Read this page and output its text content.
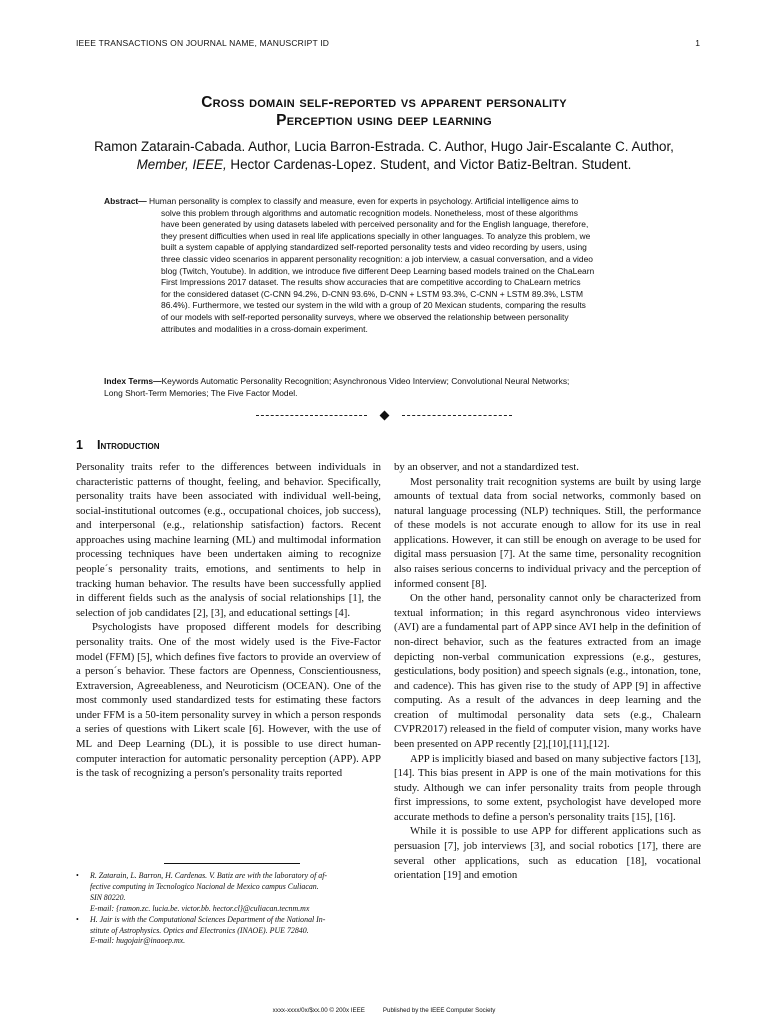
IEEE TRANSACTIONS ON JOURNAL NAME, MANUSCRIPT ID	1
Cross domain self-reported vs apparent personality
Perception using deep learning
Ramon Zatarain-Cabada. Author, Lucia Barron-Estrada. C. Author, Hugo Jair-Escalante C. Author,
Member, IEEE, Hector Cardenas-Lopez. Student, and Victor Batiz-Beltran. Student.
Abstract— Human personality is complex to classify and measure, even for experts in psychology. Artificial intelligence aims to
solve this problem through algorithms and automatic recognition models. Nonetheless, most of these algorithms
have been generated by using datasets labeled with perceived personality and for the English language, therefore,
they present difficulties when used in real life applications specially in other languages. To analyze this problem, we
built a system capable of applying standardized self-reported personality tests and video recording by users, using
three classic video scenarios in apparent personality recognition: a job interview, a casual conversation, and a video
blog (Twitch, Youtube). In addition, we introduce five different Deep Learning based models trained on the ChaLearn
First Impressions 2017 dataset. The results show accuracies that are competitive according to ChaLearn metrics
for the considered dataset (C-CNN 94.2%, D-CNN 93.6%, D-CNN + LSTM 93.3%, C-CNN + LSTM 89.3%, LSTM
86.4%). Furthermore, we tested our system in the wild with a group of 20 Mexican students, comparing the results
of our models with self-reported personality surveys, where we observed the relationship between personality
attributes and modalities in a cross-domain experiment.
Index Terms—Keywords Automatic Personality Recognition; Asynchronous Video Interview; Convolutional Neural Networks;
Long Short-Term Memories; The Five Factor Model.
1 Introduction

Personality traits refer to the differences between individuals in characteristic patterns of thought, feeling, and behavior. Specifically, personality traits have been associated with individual well-being, social-institutional outcomes (e.g., occupational choices, job success), and interpersonal (e.g., relationship satisfaction) factors. Recent approaches using machine learning (ML) and multimodal information processing techniques have been undertaken aiming to recognize people´s personality traits, emotions, and sentiments to help in tracking human behavior. The results have been successfully applied in different fields such as the analysis of social relationships [1], the selection of job candidates [2], [3], and educational settings [4].

Psychologists have proposed different models for describing personality traits. One of the most widely used is the Five-Factor model (FFM) [5], which defines five factors to provide an overview of a person´s behavior. These factors are Openness, Conscientiousness, Extraversion, Agreeableness, and Neuroticism (OCEAN). One of the most commonly used standardized tests for estimating these factors under FFM is a 50-item personality survey in which a person responds a series of questions with Likert scale [6]. However, with the use of ML and Deep Learning (DL), it is possible to use direct human-computer interaction for automatic personality perception (APP). APP is the task of recognizing a person's personality traits reported

by an observer, and not a standardized test.

Most personality trait recognition systems are built by using large amounts of textual data from social networks, commonly based on natural language processing (NLP) techniques. Still, the performance of these models is not accurate enough to allow for its use in real applications. However, it can still be enough on average to be used for digital mass persuasion [7]. At the same time, personality recognition also raises serious concerns to individual privacy and the perception of informed consent [8].

On the other hand, personality cannot only be characterized from textual information; in this regard asynchronous video interviews (AVI) are a fundamental part of APP since AVI help in the definition of non-direct behavior, such as the features extracted from an image depicting non-verbal communication expressions (e.g., gestures, gesticulations, body position) and speech signals (e.g., intonation, tone, and cadence). This has given rise to the study of APP [9] in affective computing. As a result of the advances in deep learning and the creation of multimodal personality data sets (e.g., Chalearn CVPR2017) released in the field of computer vision, many works have been presented on APP recently [2],[10],[11],[12].

APP is implicitly biased and based on many subjective factors [13],[14]. This bias present in APP is one of the main motivations for this study. Although we can infer personality traits from people through first impressions, to some extent, psychologist have developed more accurate methods to define a person's personality traits [15], [16].

While it is possible to use APP for different applications such as persuasion [7], job interviews [3], and social robotics [17], there are several other applications, such as education [18], vocational orientation [19] and emotion

• R. Zatarain, L. Barron, H. Cardenas. V. Batiz are with the laboratory of af-
fective computing in Tecnologico Nacional de Mexico campus Culiacan.
SIN 80220.
E-mail: {ramon.zc. lucia.be. victor.bb. hector.cl}@culiacan.tecnm.mx
• H. Jair is with the Computational Sciences Department of the National In-
stitute of Astrophysics. Optics and Electronics (INAOE). PUE 72840.
E-mail: hugojair@inaoep.mx.
xxxx-xxxx/0x/$xx.00 © 200x IEEE	Published by the IEEE Computer Society
